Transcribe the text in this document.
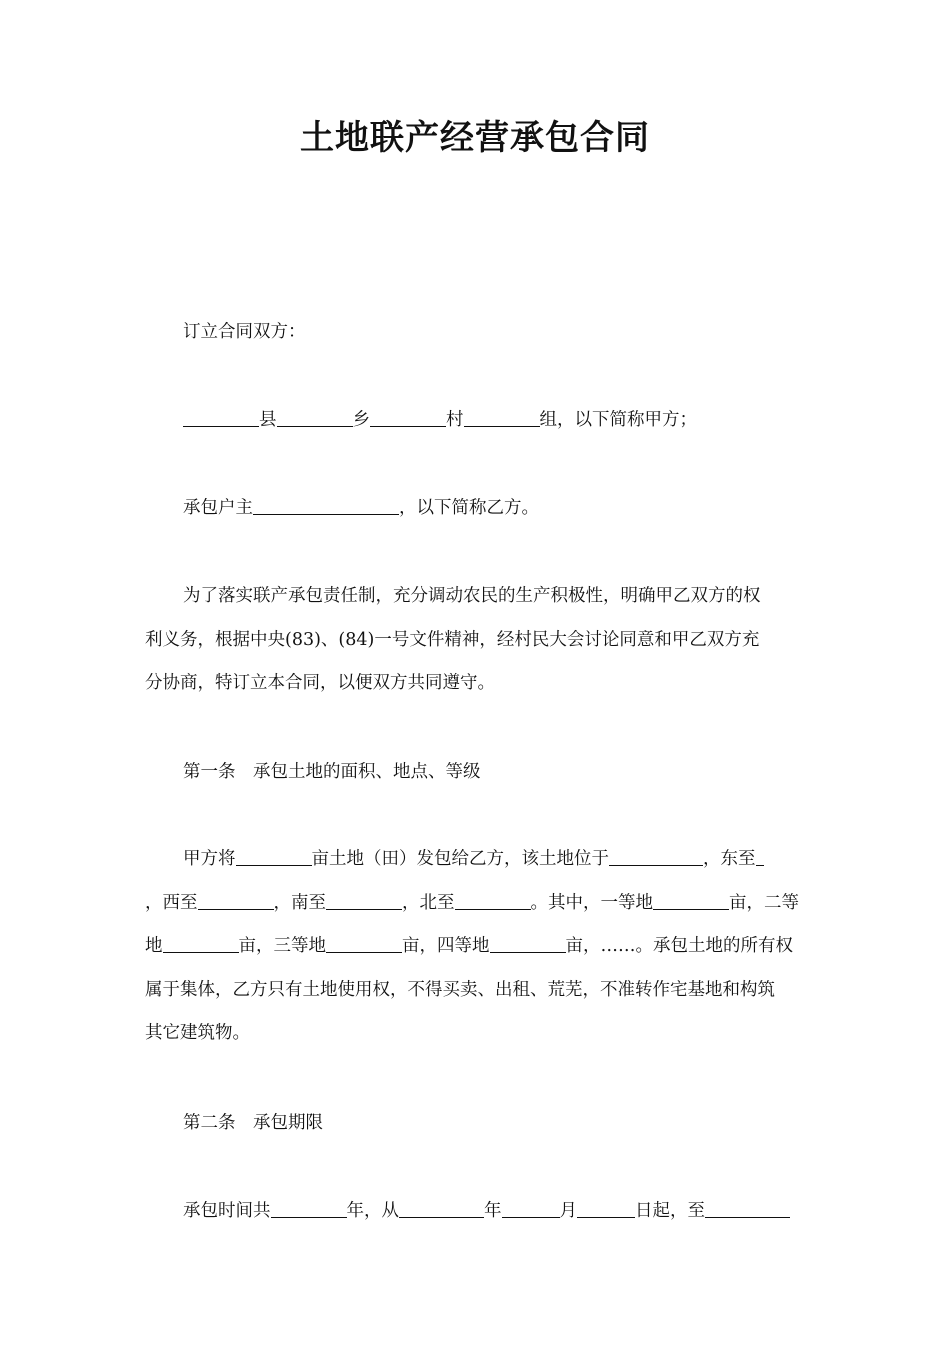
土地联产经营承包合同
订立合同双方：
县	乡	村	组，以下简称甲方；
承包户主	，以下简称乙方。
为了落实联产承包责任制，充分调动农民的生产积极性，明确甲乙双方的权
利义务，根据中央(83)、(84)一号文件精神，经村民大会讨论同意和甲乙双方充
分协商，特订立本合同，以便双方共同遵守。
第一条　承包土地的面积、地点、等级
甲方将	亩土地（田）发包给乙方，该土地位于	，东至
，西至	，南至	，北至	。其中，一等地	亩，二等
地	亩，三等地	亩，四等地	亩，……。承包土地的所有权
属于集体，乙方只有土地使用权，不得买卖、出租、荒芜，不准转作宅基地和构筑
其它建筑物。
第二条　承包期限
承包时间共	年，从	年	月	日起，至
